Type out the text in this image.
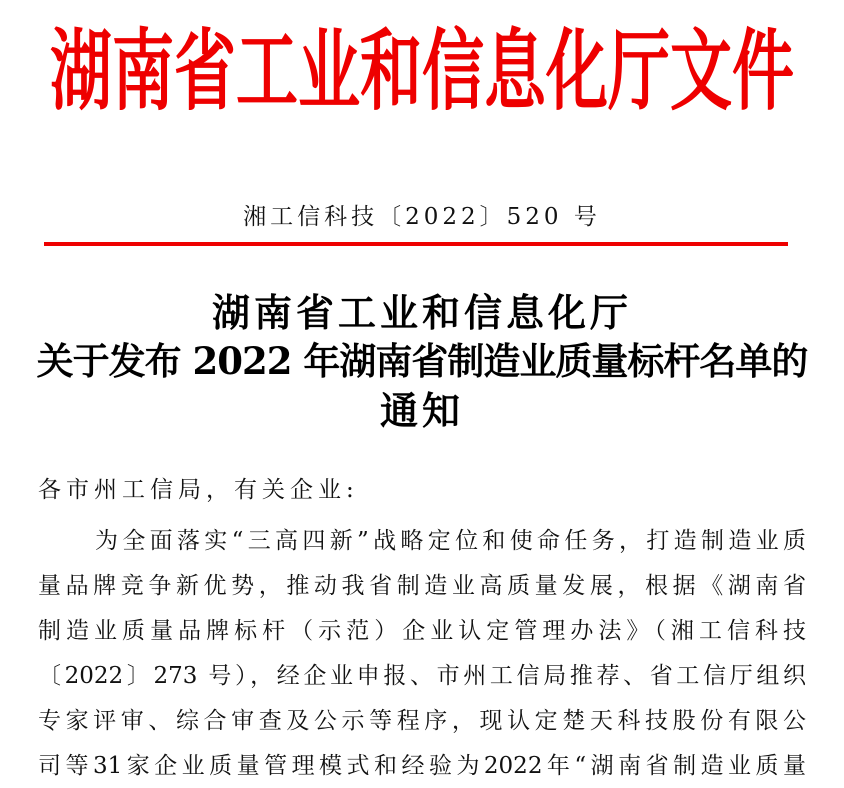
湖南省工业和信息化厅文件
湘工信科技〔2022〕520 号
湖南省工业和信息化厅
关于发布 2022 年湖南省制造业质量标杆名单的
通知
各市州工信局，有关企业:
为全面落实“三高四新”战略定位和使命任务，打造制造业质
量品牌竞争新优势，推动我省制造业高质量发展，根据《湖南省
制造业质量品牌标杆（示范）企业认定管理办法》（湘工信科技
〔2022〕273 号），经企业申报、市州工信局推荐、省工信厅组织
专家评审、综合审查及公示等程序，现认定楚天科技股份有限公
司等31家企业质量管理模式和经验为2022年“湖南省制造业质量
